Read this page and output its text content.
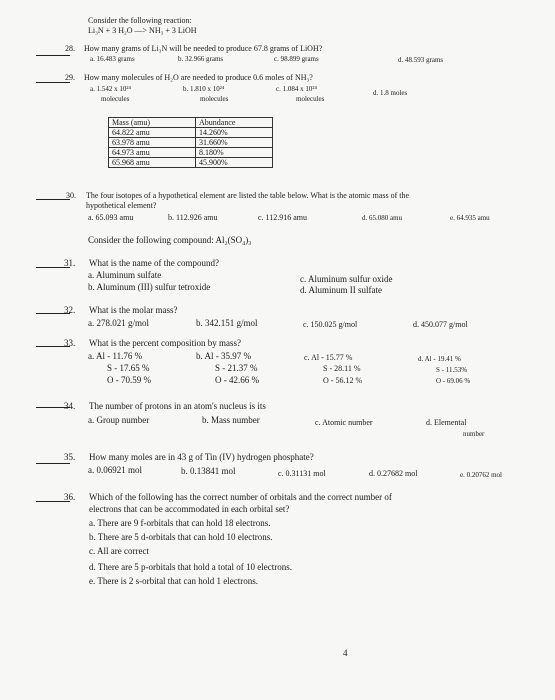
Consider the following reaction:
Li₃N + 3 H₂O —> NH₃ + 3 LiOH
28. How many grams of Li₃N will be needed to produce 67.8 grams of LiOH?
a. 16.483 grams	b. 32.966 grams	c. 98.899 grams	d. 48.593 grams
29. How many molecules of H₂O are needed to produce 0.6 moles of NH₃?
a. 1.542 x 10²⁴
molecules
b. 1.810 x 10²⁴
molecules
c. 1.084 x 10²⁴
molecules
d. 1.8 moles
Mass (amu)	Abundance
64.822 amu	14.260%
63.978 amu	31.660%
64.973 amu	8.180%
65.968 amu	45.900%
30. The four isotopes of a hypothetical element are listed the table below. What is the atomic mass of the
hypothetical element?
a. 65.093 amu	b. 112.926 amu	c. 112.916 amu	d. 65.080 amu	e. 64.935 amu
Consider the following compound: Al₂(SO₄)₃
31. What is the name of the compound?
a. Aluminum sulfate
b. Aluminum (III) sulfur tetroxide
c. Aluminum sulfur oxide
d. Aluminum II sulfate
32. What is the molar mass?
a. 278.021 g/mol	b. 342.151 g/mol	c. 150.025 g/mol	d. 450.077 g/mol
33. What is the percent composition by mass?
a. Al - 11.76 %
S - 17.65 %
O - 70.59 %
b. Al - 35.97 %
S - 21.37 %
O - 42.66 %
c. Al - 15.77 %
S - 28.11 %
O - 56.12 %
d. Al - 19.41 %
S - 11.53%
O - 69.06 %
34. The number of protons in an atom's nucleus is its
a. Group number	b. Mass number	c. Atomic number	d. Elemental
number
35. How many moles are in 43 g of Tin (IV) hydrogen phosphate?
a. 0.06921 mol	b. 0.13841 mol	c. 0.31131 mol	d. 0.27682 mol	e. 0.20762 mol
36. Which of the following has the correct number of orbitals and the correct number of
electrons that can be accommodated in each orbital set?
a. There are 9 f-orbitals that can hold 18 electrons.
b. There are 5 d-orbitals that can hold 10 electrons.
c. All are correct
d. There are 5 p-orbitals that hold a total of 10 electrons.
e. There is 2 s-orbital that can hold 1 electrons.
4
